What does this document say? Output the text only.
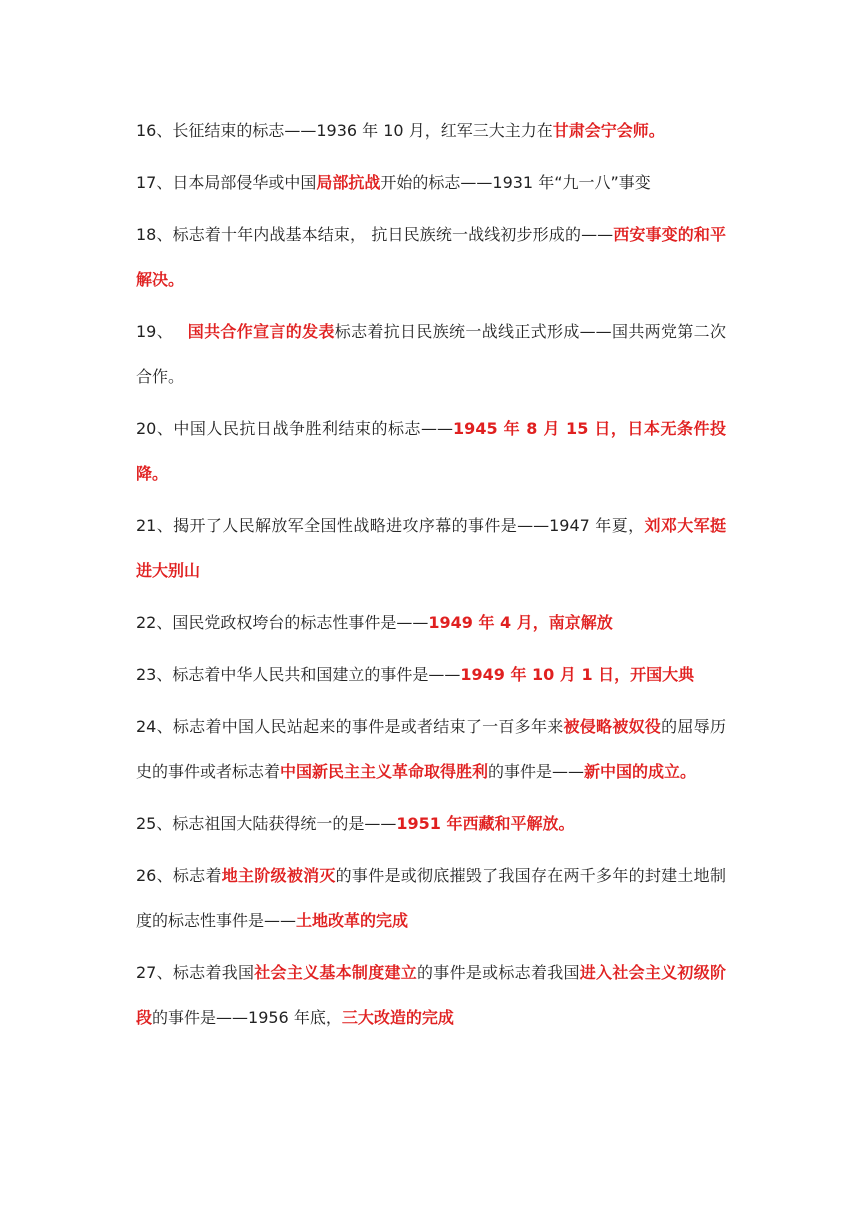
16、长征结束的标志——1936 年 10 月，红军三大主力在甘肃会宁会师。

17、日本局部侵华或中国局部抗战开始的标志——1931 年“九一八”事变

18、标志着十年内战基本结束， 抗日民族统一战线初步形成的——西安事变的和平解决。

19、 国共合作宣言的发表标志着抗日民族统一战线正式形成——国共两党第二次合作。

20、中国人民抗日战争胜利结束的标志——1945 年 8 月 15 日，日本无条件投降。

21、揭开了人民解放军全国性战略进攻序幕的事件是——1947 年夏，刘邓大军挺进大别山

22、国民党政权垮台的标志性事件是——1949 年 4 月，南京解放

23、标志着中华人民共和国建立的事件是——1949 年 10 月 1 日，开国大典

24、标志着中国人民站起来的事件是或者结束了一百多年来被侵略被奴役的屈辱历史的事件或者标志着中国新民主主义革命取得胜利的事件是——新中国的成立。

25、标志祖国大陆获得统一的是——1951 年西藏和平解放。

26、标志着地主阶级被消灭的事件是或彻底摧毁了我国存在两千多年的封建土地制度的标志性事件是——土地改革的完成

27、标志着我国社会主义基本制度建立的事件是或标志着我国进入社会主义初级阶段的事件是——1956 年底，三大改造的完成
